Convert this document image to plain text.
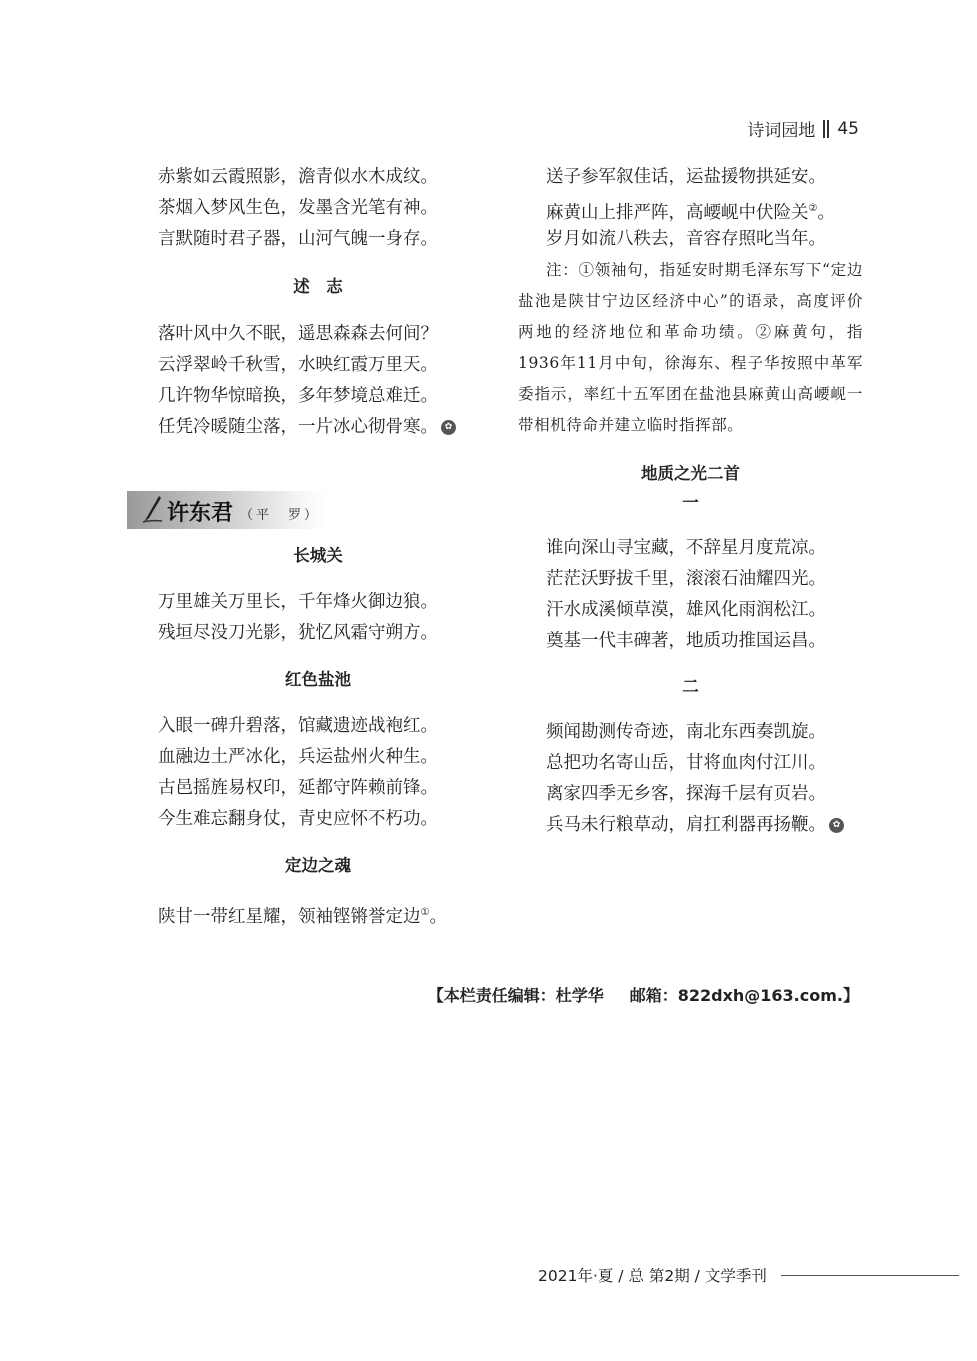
诗词园地 45
赤紫如云霞照影，澹青似水木成纹。
茶烟入梦风生色，发墨含光笔有神。
言默随时君子器，山河气魄一身存。
述　志
落叶风中久不眠，遥思森森去何间？
云浮翠岭千秋雪，水映红霞万里天。
几许物华惊暗换，多年梦境总难迁。
任凭冷暖随尘落，一片冰心彻骨寒。 ✿
长城关
万里雄关万里长，千年烽火御边狼。
残垣尽没刀光影，犹忆风霜守朔方。
红色盐池
入眼一碑升碧落，馆藏遗迹战袍红。
血融边土严冰化，兵运盐州火种生。
古邑摇旌易权印，延都守阵赖前锋。
今生难忘翻身仗，青史应怀不朽功。
定边之魂
陕甘一带红星耀，领袖铿锵誉定边①。
许东君 （平　罗）
送子参军叙佳话，运盐援物拱延安。
麻黄山上排严阵，高崾岘中伏险关②。
岁月如流八秩去，音容存照叱当年。
注：①领袖句，指延安时期毛泽东写下“定边盐池是陕甘宁边区经济中心”的语录，高度评价两地的经济地位和革命功绩。②麻黄句，指1936年11月中旬，徐海东、程子华按照中革军委指示，率红十五军团在盐池县麻黄山高崾岘一带相机待命并建立临时指挥部。
地质之光二首
一
谁向深山寻宝藏，不辞星月度荒凉。
茫茫沃野拔千里，滚滚石油耀四光。
汗水成溪倾草漠，雄风化雨润松江。
奠基一代丰碑著，地质功推国运昌。
二
频闻勘测传奇迹，南北东西奏凯旋。
总把功名寄山岳，甘将血肉付江川。
离家四季无乡客，探海千层有页岩。
兵马未行粮草动，肩扛利器再扬鞭。 ✿
【本栏责任编辑：杜学华 邮箱：822dxh@163.com.】
2021年·夏 / 总 第2期 / 文学季刊
